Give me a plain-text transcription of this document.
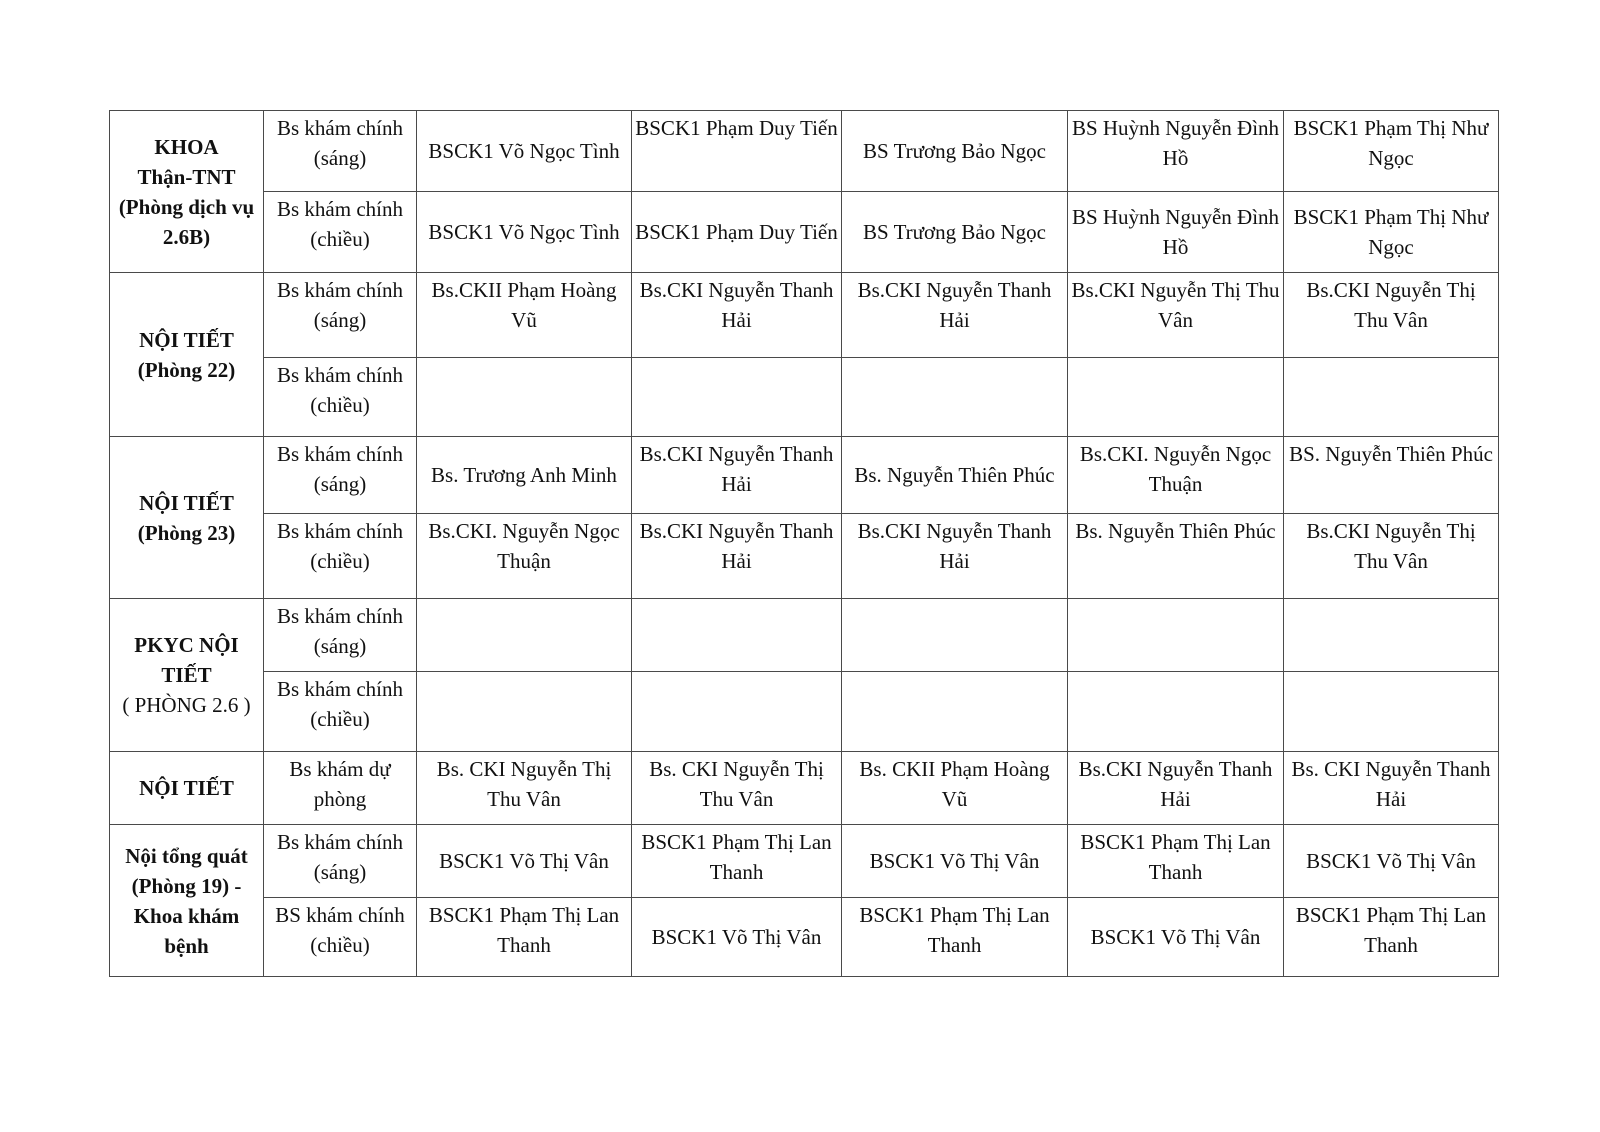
KHOA
Thận-TNT
(Phòng dịch vụ
2.6B)	Bs khám chính (sáng)	BSCK1 Võ Ngọc Tình	BSCK1 Phạm Duy Tiến	BS Trương Bảo Ngọc	BS Huỳnh Nguyễn Đình Hồ	BSCK1 Phạm Thị Như Ngọc
	Bs khám chính (chiều)	BSCK1 Võ Ngọc Tình	BSCK1 Phạm Duy Tiến	BS Trương Bảo Ngọc	BS Huỳnh Nguyễn Đình Hồ	BSCK1 Phạm Thị Như Ngọc

NỘI TIẾT
(Phòng 22)	Bs khám chính (sáng)	Bs.CKII Phạm Hoàng Vũ	Bs.CKI Nguyễn Thanh Hải	Bs.CKI Nguyễn Thanh Hải	Bs.CKI Nguyễn Thị Thu Vân	Bs.CKI Nguyễn Thị Thu Vân
	Bs khám chính (chiều)					

NỘI TIẾT
(Phòng 23)	Bs khám chính (sáng)	Bs. Trương Anh Minh	Bs.CKI Nguyễn Thanh Hải	Bs. Nguyễn Thiên Phúc	Bs.CKI. Nguyễn Ngọc Thuận	BS. Nguyễn Thiên Phúc
	Bs khám chính (chiều)	Bs.CKI. Nguyễn Ngọc Thuận	Bs.CKI Nguyễn Thanh Hải	Bs.CKI Nguyễn Thanh Hải	Bs. Nguyễn Thiên Phúc	Bs.CKI Nguyễn Thị Thu Vân

PKYC NỘI
TIẾT
( PHÒNG 2.6 )	Bs khám chính (sáng)					
	Bs khám chính (chiều)					

NỘI TIẾT	Bs khám dự phòng	Bs. CKI Nguyễn Thị Thu Vân	Bs. CKI Nguyễn Thị Thu Vân	Bs. CKII Phạm Hoàng Vũ	Bs.CKI Nguyễn Thanh Hải	Bs. CKI Nguyễn Thanh Hải

Nội tổng quát
(Phòng 19) -
Khoa khám
bệnh	Bs khám chính (sáng)	BSCK1 Võ Thị Vân	BSCK1 Phạm Thị Lan Thanh	BSCK1 Võ Thị Vân	BSCK1 Phạm Thị Lan Thanh	BSCK1 Võ Thị Vân
	BS khám chính (chiều)	BSCK1 Phạm Thị Lan Thanh	BSCK1 Võ Thị Vân	BSCK1 Phạm Thị Lan Thanh	BSCK1 Võ Thị Vân	BSCK1 Phạm Thị Lan Thanh
